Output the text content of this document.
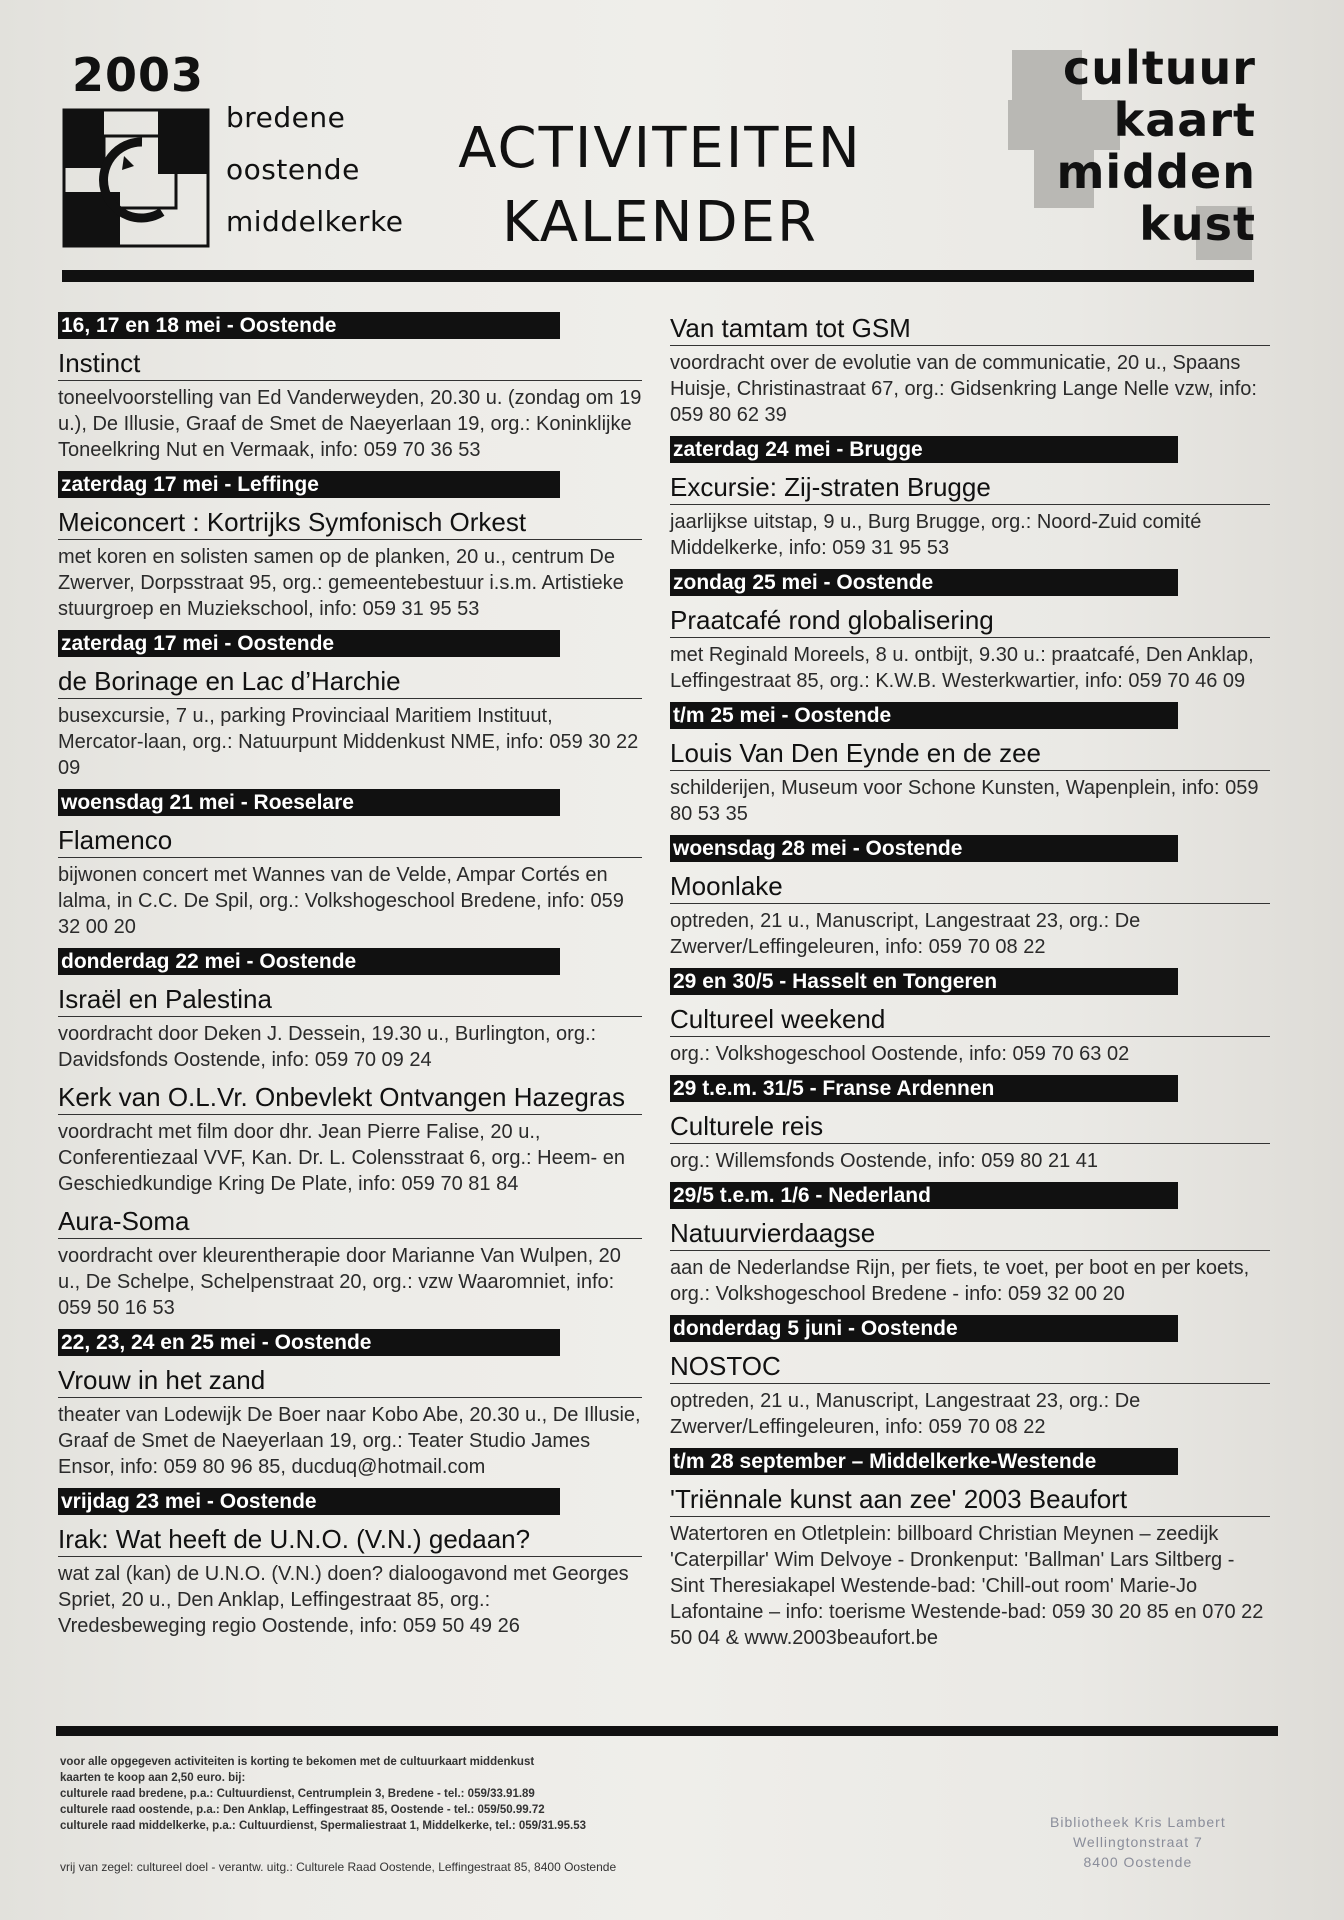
2003
bredene
oostende
middelkerke
ACTIVITEITEN
KALENDER
cultuur
kaart
midden
kust
16, 17 en 18 mei - Oostende
Instinct
toneelvoorstelling van Ed Vanderweyden, 20.30 u. (zondag om 19 u.), De Illusie, Graaf de Smet de Naeyerlaan 19, org.: Koninklijke Toneelkring Nut en Vermaak, info: 059 70 36 53
zaterdag 17 mei - Leffinge
Meiconcert : Kortrijks Symfonisch Orkest
met koren en solisten samen op de planken, 20 u., centrum De Zwerver, Dorpsstraat 95, org.: gemeentebestuur i.s.m. Artistieke stuurgroep en Muziekschool, info: 059 31 95 53
zaterdag 17 mei - Oostende
de Borinage en Lac d’Harchie
busexcursie, 7 u., parking Provinciaal Maritiem Instituut, Mercator-laan, org.: Natuurpunt Middenkust NME, info: 059 30 22 09
woensdag 21 mei - Roeselare
Flamenco
bijwonen concert met Wannes van de Velde, Ampar Cortés en lalma, in C.C. De Spil, org.: Volkshogeschool Bredene, info: 059 32 00 20
donderdag 22 mei - Oostende
Israël en Palestina
voordracht door Deken J. Dessein, 19.30 u., Burlington, org.: Davidsfonds Oostende, info: 059 70 09 24
Kerk van O.L.Vr. Onbevlekt Ontvangen Hazegras
voordracht met film door dhr. Jean Pierre Falise, 20 u., Conferentiezaal VVF, Kan. Dr. L. Colensstraat 6, org.: Heem- en Geschiedkundige Kring De Plate, info: 059 70 81 84
Aura-Soma
voordracht over kleurentherapie door Marianne Van Wulpen, 20 u., De Schelpe, Schelpenstraat 20, org.: vzw Waaromniet, info: 059 50 16 53
22, 23, 24 en 25 mei - Oostende
Vrouw in het zand
theater van Lodewijk De Boer naar Kobo Abe, 20.30 u., De Illusie, Graaf de Smet de Naeyerlaan 19, org.: Teater Studio James Ensor, info: 059 80 96 85, ducduq@hotmail.com
vrijdag 23 mei - Oostende
Irak: Wat heeft de U.N.O. (V.N.) gedaan?
wat zal (kan) de U.N.O. (V.N.) doen? dialoogavond met Georges Spriet, 20 u., Den Anklap, Leffingestraat 85, org.: Vredesbeweging regio Oostende, info: 059 50 49 26
Van tamtam tot GSM
voordracht over de evolutie van de communicatie, 20 u., Spaans Huisje, Christinastraat 67, org.: Gidsenkring Lange Nelle vzw, info: 059 80 62 39
zaterdag 24 mei - Brugge
Excursie: Zij-straten Brugge
jaarlijkse uitstap, 9 u., Burg Brugge, org.: Noord-Zuid comité Middelkerke, info: 059 31 95 53
zondag 25 mei - Oostende
Praatcafé rond globalisering
met Reginald Moreels, 8 u. ontbijt, 9.30 u.: praatcafé, Den Anklap, Leffingestraat 85, org.: K.W.B. Westerkwartier, info: 059 70 46 09
t/m 25 mei - Oostende
Louis Van Den Eynde en de zee
schilderijen, Museum voor Schone Kunsten, Wapenplein, info: 059 80 53 35
woensdag 28 mei - Oostende
Moonlake
optreden, 21 u., Manuscript, Langestraat 23, org.: De Zwerver/Leffingeleuren, info: 059 70 08 22
29 en 30/5 - Hasselt en Tongeren
Cultureel weekend
org.: Volkshogeschool Oostende, info: 059 70 63 02
29 t.e.m. 31/5 - Franse Ardennen
Culturele reis
org.: Willemsfonds Oostende, info: 059 80 21 41
29/5 t.e.m. 1/6 - Nederland
Natuurvierdaagse
aan de Nederlandse Rijn, per fiets, te voet, per boot en per koets, org.: Volkshogeschool Bredene - info: 059 32 00 20
donderdag 5 juni - Oostende
NOSTOC
optreden, 21 u., Manuscript, Langestraat 23, org.: De Zwerver/Leffingeleuren, info: 059 70 08 22
t/m 28 september – Middelkerke-Westende
'Triënnale kunst aan zee' 2003 Beaufort
Watertoren en Otletplein: billboard Christian Meynen – zeedijk 'Caterpillar' Wim Delvoye - Dronkenput: 'Ballman' Lars Siltberg - Sint Theresiakapel Westende-bad: 'Chill-out room' Marie-Jo Lafontaine – info: toerisme Westende-bad: 059 30 20 85 en 070 22 50 04 & www.2003beaufort.be
voor alle opgegeven activiteiten is korting te bekomen met de cultuurkaart middenkust
kaarten te koop aan 2,50 euro. bij:
culturele raad bredene, p.a.: Cultuurdienst, Centrumplein 3, Bredene - tel.: 059/33.91.89
culturele raad oostende, p.a.: Den Anklap, Leffingestraat 85, Oostende - tel.: 059/50.99.72
culturele raad middelkerke, p.a.: Cultuurdienst, Spermaliestraat 1, Middelkerke, tel.: 059/31.95.53
vrij van zegel: cultureel doel - verantw. uitg.: Culturele Raad Oostende, Leffingestraat 85, 8400 Oostende
Bibliotheek Kris Lambert
Wellingtonstraat 7
8400 Oostende
